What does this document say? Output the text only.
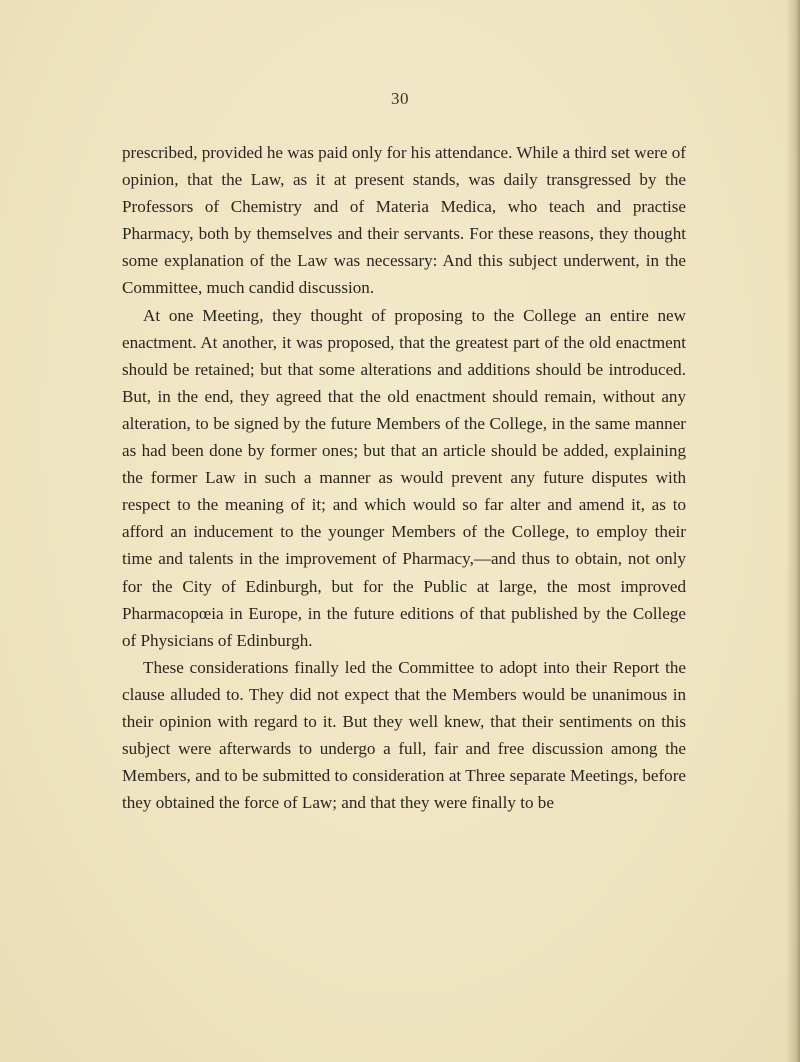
30

prescribed, provided he was paid only for his attendance. While a third set were of opinion, that the Law, as it at present stands, was daily transgressed by the Professors of Chemistry and of Materia Medica, who teach and practise Pharmacy, both by themselves and their servants. For these reasons, they thought some explanation of the Law was necessary: And this subject underwent, in the Committee, much candid discussion.

At one Meeting, they thought of proposing to the College an entire new enactment. At another, it was proposed, that the greatest part of the old enactment should be retained; but that some alterations and additions should be introduced. But, in the end, they agreed that the old enactment should remain, without any alteration, to be signed by the future Members of the College, in the same manner as had been done by former ones; but that an article should be added, explaining the former Law in such a manner as would prevent any future disputes with respect to the meaning of it; and which would so far alter and amend it, as to afford an inducement to the younger Members of the College, to employ their time and talents in the improvement of Pharmacy,—and thus to obtain, not only for the City of Edinburgh, but for the Public at large, the most improved Pharmacopœia in Europe, in the future editions of that published by the College of Physicians of Edinburgh.

These considerations finally led the Committee to adopt into their Report the clause alluded to. They did not expect that the Members would be unanimous in their opinion with regard to it. But they well knew, that their sentiments on this subject were afterwards to undergo a full, fair and free discussion among the Members, and to be submitted to consideration at Three separate Meetings, before they obtained the force of Law; and that they were finally to be
